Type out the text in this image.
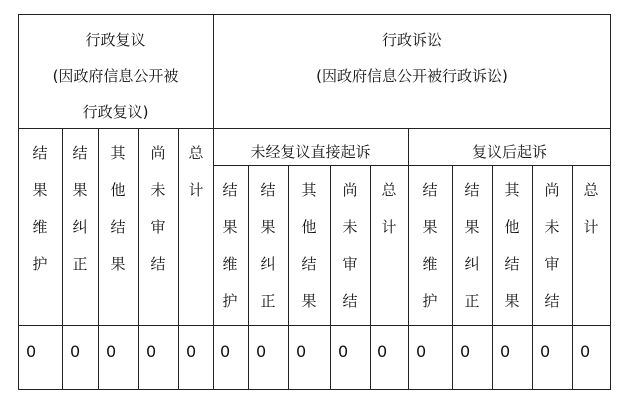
行政复议
(因政府信息公开被
行政复议)
行政诉讼
(因政府信息公开被行政诉讼)
未经复议直接起诉	复议后起诉
结
果
维
护
结
果
纠
正
其
他
结
果
尚
未
审
结
总
计 结
果
维
护
结
果
纠
正
其
他
结
果
尚
未
审
结
总
计
结
果
维
护
结
果
纠
正
其
他
结
果
尚
未
审
结
总
计
0 0 0 0 0 0 0 0 0 0 0 0 0 0 0
